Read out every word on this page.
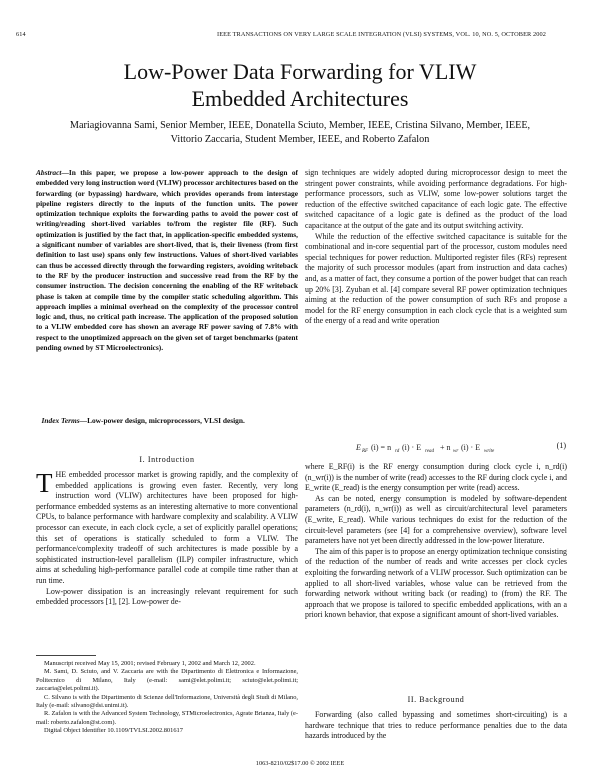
614	IEEE TRANSACTIONS ON VERY LARGE SCALE INTEGRATION (VLSI) SYSTEMS, VOL. 10, NO. 5, OCTOBER 2002
Low-Power Data Forwarding for VLIW
Embedded Architectures
Mariagiovanna Sami, Senior Member, IEEE, Donatella Sciuto, Member, IEEE, Cristina Silvano, Member, IEEE,
Vittorio Zaccaria, Student Member, IEEE, and Roberto Zafalon
Abstract—In this paper, we propose a low-power approach to the design of embedded very long instruction word (VLIW) processor architectures based on the forwarding (or bypassing) hardware, which provides operands from interstage pipeline registers directly to the inputs of the function units. The power optimization technique exploits the forwarding paths to avoid the power cost of writing/reading short-lived variables to/from the register file (RF). Such optimization is justified by the fact that, in application-specific embedded systems, a significant number of variables are short-lived, that is, their liveness (from first definition to last use) spans only few instructions. Values of short-lived variables can thus be accessed directly through the forwarding registers, avoiding writeback to the RF by the producer instruction and successive read from the RF by the consumer instruction. The decision concerning the enabling of the RF writeback phase is taken at compile time by the compiler static scheduling algorithm. This approach implies a minimal overhead on the complexity of the processor control logic and, thus, no critical path increase. The application of the proposed solution to a VLIW embedded core has shown an average RF power saving of 7.8% with respect to the unoptimized approach on the given set of target benchmarks (patent pending owned by ST Microelectronics).
Index Terms—Low-power design, microprocessors, VLSI design.
I. Introduction
THE embedded processor market is growing rapidly, and the complexity of embedded applications is growing even faster. Recently, very long instruction word (VLIW) architectures have been proposed for high-performance embedded systems as an interesting alternative to more conventional CPUs, to balance performance with hardware complexity and scalability. A VLIW processor can execute, in each clock cycle, a set of explicitly parallel operations; this set of operations is statically scheduled to form a VLIW. The performance/complexity tradeoff of such architectures is made possible by a sophisticated instruction-level parallelism (ILP) compiler infrastructure, which aims at scheduling high-performance parallel code at compile time rather than at run time.
Low-power dissipation is an increasingly relevant requirement for such embedded processors [1], [2]. Low-power de-

Manuscript received May 15, 2001; revised February 1, 2002 and March 12, 2002.

M. Sami, D. Sciuto, and V. Zaccaria are with the Dipartimento di Elettronica e Informazione, Politecnico di Milano, Italy (e-mail: sami@elet.polimi.it; sciuto@elet.polimi.it; zaccaria@elet.polimi.it).

C. Silvano is with the Dipartimento di Scienze dell'Informazione, Università degli Studi di Milano, Italy (e-mail: silvano@dsi.unimi.it).

R. Zafalon is with the Advanced System Technology, STMicroelectronics, Agrate Brianza, Italy (e-mail: roberto.zafalon@st.com).

Digital Object Identifier 10.1109/TVLSI.2002.801617

sign techniques are widely adopted during microprocessor design to meet the stringent power constraints, while avoiding performance degradations. For high-performance processors, such as VLIW, some low-power solutions target the reduction of the effective switched capacitance of each logic gate. The effective switched capacitance of a logic gate is defined as the product of the load capacitance at the output of the gate and its output switching activity.
While the reduction of the effective switched capacitance is suitable for the combinational and in-core sequential part of the processor, custom modules need special techniques for power reduction. Multiported register files (RFs) represent the majority of such processor modules (apart from instruction and data caches) and, as a matter of fact, they consume a portion of the power budget that can reach up 20% [3]. Zyuban et al. [4] compare several RF power optimization techniques aiming at the reduction of the power consumption of such RFs and propose a model for the RF energy consumption in each clock cycle that is a weighted sum of the energy of a read and write operation
E RF (i) = n rd (i) · E read + n wr (i) · E write
(1)
where E_RF(i) is the RF energy consumption during clock cycle i, n_rd(i) (n_wr(i)) is the number of write (read) accesses to the RF during clock cycle i, and E_write (E_read) is the energy consumption per write (read) access.
As can be noted, energy consumption is modeled by software-dependent parameters (n_rd(i), n_wr(i)) as well as circuit/architectural level parameters (E_write, E_read). While various techniques do exist for the reduction of the circuit-level parameters (see [4] for a comprehensive overview), software level parameters have not yet been directly addressed in the low-power literature.
The aim of this paper is to propose an energy optimization technique consisting of the reduction of the number of reads and write accesses per clock cycles exploiting the forwarding network of a VLIW processor. Such optimization can be applied to all short-lived variables, whose value can be retrieved from the forwarding network without writing back (or reading) to (from) the RF. The approach that we propose is tailored to specific embedded applications, with an a priori known behavior, that expose a significant amount of short-lived variables.
II. Background
Forwarding (also called bypassing and sometimes short-circuiting) is a hardware technique that tries to reduce performance penalties due to the data hazards introduced by the
1063-8210/02$17.00 © 2002 IEEE
